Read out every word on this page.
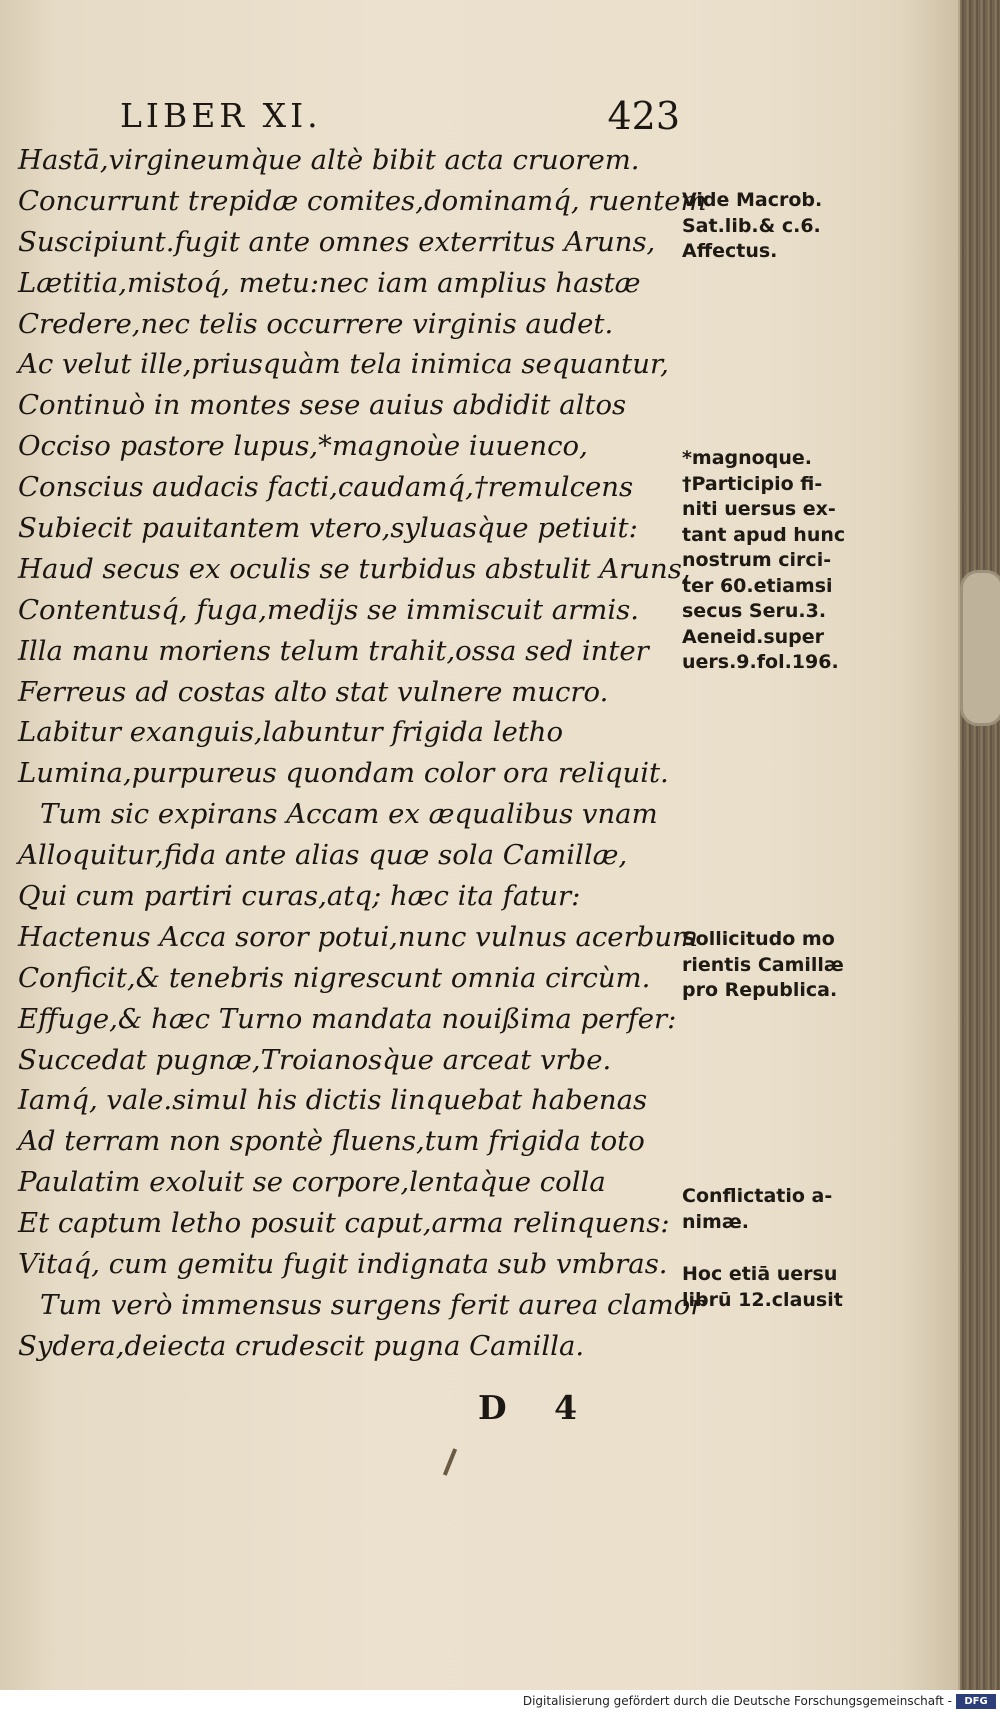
LIBER XI.	423
Hastā,virgineumq̀ue altè bibit acta cruorem.
Concurrunt trepidæ comites,dominamq́, ruentem
Suscipiunt.fugit ante omnes exterritus Aruns,
Lætitia,mistoq́, metu:nec iam amplius hastæ
Credere,nec telis occurrere virginis audet.
Ac velut ille,priusquàm tela inimica sequantur,
Continuò in montes sese auius abdidit altos
Occiso pastore lupus,*magnoùe iuuenco,
Conscius audacis facti,caudamq́,†remulcens
Subiecit pauitantem vtero,syluasq̀ue petiuit:
Haud secus ex oculis se turbidus abstulit Aruns,
Contentusq́, fuga,medijs se immiscuit armis.
Illa manu moriens telum trahit,ossa sed inter
Ferreus ad costas alto stat vulnere mucro.
Labitur exanguis,labuntur frigida letho
Lumina,purpureus quondam color ora reliquit.
Tum sic expirans Accam ex æqualibus vnam
Alloquitur,fida ante alias quæ sola Camillæ,
Qui cum partiri curas,atq; hæc ita fatur:
Hactenus Acca soror potui,nunc vulnus acerbum
Conficit,& tenebris nigrescunt omnia circùm.
Effuge,& hæc Turno mandata nouißima perfer:
Succedat pugnæ,Troianosq̀ue arceat vrbe.
Iamq́, vale.simul his dictis linquebat habenas
Ad terram non spontè fluens,tum frigida toto
Paulatim exoluit se corpore,lentaq̀ue colla
Et captum letho posuit caput,arma relinquens:
Vitaq́, cum gemitu fugit indignata sub vmbras.
Tum verò immensus surgens ferit aurea clamor
Sydera,deiecta crudescit pugna Camilla.
Vide Macrob.
Sat.lib.& c.6.
Affectus.
*magnoque.
†Participio fi-
niti uersus ex-
tant apud hunc
nostrum circi-
ter 60.etiamsi
secus Seru.3.
Aeneid.super
uers.9.fol.196.
Sollicitudo mo
rientis Camillæ
pro Republica.
Conflictatio a-
nimæ.
Hoc etiā uersu
librū 12.clausit
D 4
Digitalisierung gefördert durch die Deutsche Forschungsgemeinschaft -	DFG
